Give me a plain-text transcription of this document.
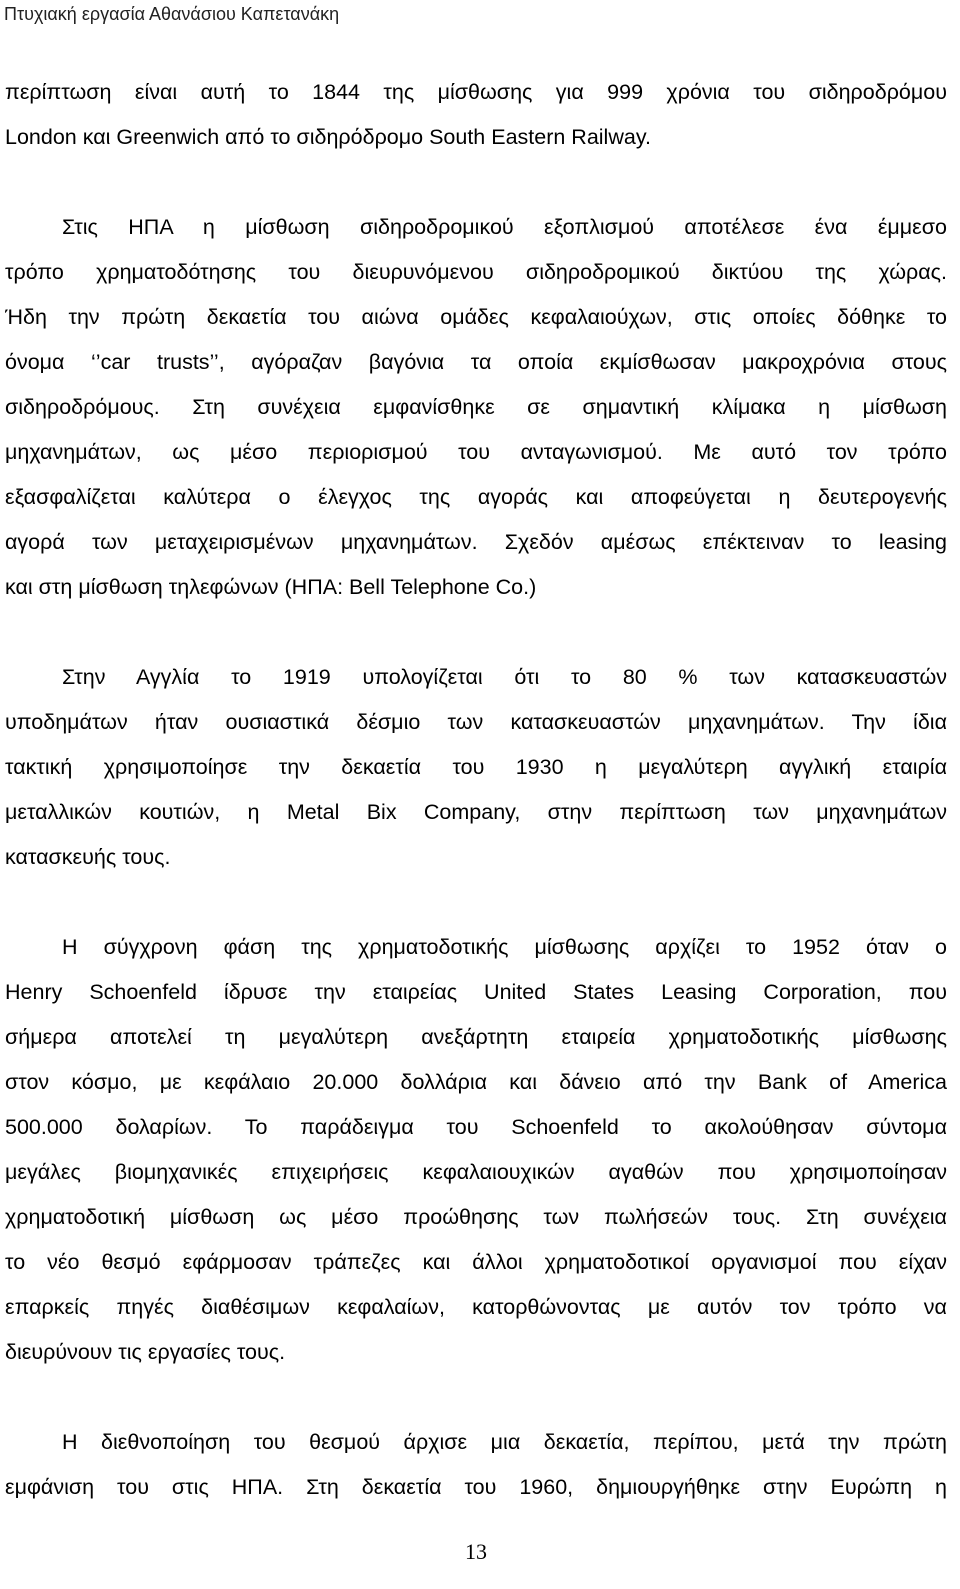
Πτυχιακή εργασία Αθανάσιου Καπετανάκη
περίπτωση είναι αυτή το 1844 της μίσθωσης για 999 χρόνια του σιδηροδρόμου
London και Greenwich από το σιδηρόδρομο South Eastern Railway.
Στις ΗΠΑ η μίσθωση σιδηροδρομικού εξοπλισμού αποτέλεσε ένα έμμεσο
τρόπο χρηματοδότησης του διευρυνόμενου σιδηροδρομικού δικτύου της χώρας.
Ήδη την πρώτη δεκαετία του αιώνα ομάδες κεφαλαιούχων, στις οποίες δόθηκε το
όνομα ‘’car trusts’’, αγόραζαν βαγόνια τα οποία εκμίσθωσαν μακροχρόνια στους
σιδηροδρόμους. Στη συνέχεια εμφανίσθηκε σε σημαντική κλίμακα η μίσθωση
μηχανημάτων, ως μέσο περιορισμού του ανταγωνισμού. Με αυτό τον τρόπο
εξασφαλίζεται καλύτερα ο έλεγχος της αγοράς και αποφεύγεται η δευτερογενής
αγορά των μεταχειρισμένων μηχανημάτων. Σχεδόν αμέσως επέκτειναν το leasing
και στη μίσθωση τηλεφώνων (ΗΠΑ: Bell Telephone Co.)
Στην Αγγλία το 1919 υπολογίζεται ότι το 80 % των κατασκευαστών
υποδημάτων ήταν ουσιαστικά δέσμιο των κατασκευαστών μηχανημάτων. Την ίδια
τακτική χρησιμοποίησε την δεκαετία του 1930 η μεγαλύτερη αγγλική εταιρία
μεταλλικών κουτιών, η Metal Bix Company, στην περίπτωση των μηχανημάτων
κατασκευής τους.
Η σύγχρονη φάση της χρηματοδοτικής μίσθωσης αρχίζει το 1952 όταν ο
Henry Schoenfeld ίδρυσε την εταιρείας United States Leasing Corporation, που
σήμερα αποτελεί τη μεγαλύτερη ανεξάρτητη εταιρεία χρηματοδοτικής μίσθωσης
στον κόσμο, με κεφάλαιο 20.000 δολλάρια και δάνειο από την Bank of America
500.000 δολαρίων. Το παράδειγμα του Schoenfeld το ακολούθησαν σύντομα
μεγάλες βιομηχανικές επιχειρήσεις κεφαλαιουχικών αγαθών που χρησιμοποίησαν
χρηματοδοτική μίσθωση ως μέσο προώθησης των πωλήσεών τους. Στη συνέχεια
το νέο θεσμό εφάρμοσαν τράπεζες και άλλοι χρηματοδοτικοί οργανισμοί που είχαν
επαρκείς πηγές διαθέσιμων κεφαλαίων, κατορθώνοντας με αυτόν τον τρόπο να
διευρύνουν τις εργασίες τους.
Η διεθνοποίηση του θεσμού άρχισε μια δεκαετία, περίπου, μετά την πρώτη
εμφάνιση του στις ΗΠΑ. Στη δεκαετία του 1960, δημιουργήθηκε στην Ευρώπη η
13
